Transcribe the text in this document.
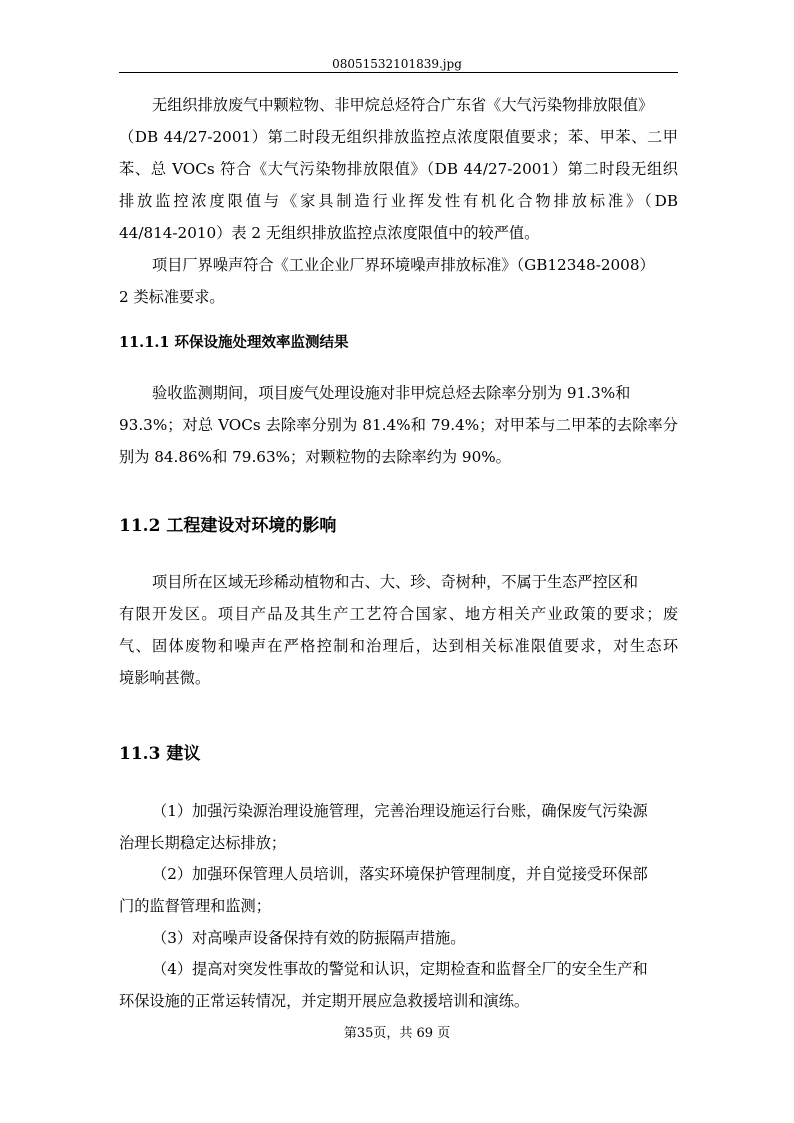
08051532101839.jpg
无组织排放废气中颗粒物、非甲烷总烃符合广东省《大气污染物排放限值》
（DB 44/27-2001）第二时段无组织排放监控点浓度限值要求；苯、甲苯、二甲
苯、总 VOCs 符合《大气污染物排放限值》（DB 44/27-2001）第二时段无组织
排放监控浓度限值与《家具制造行业挥发性有机化合物排放标准》（DB
44/814-2010）表 2 无组织排放监控点浓度限值中的较严值。
项目厂界噪声符合《工业企业厂界环境噪声排放标准》（GB12348-2008）
2 类标准要求。
11.1.1 环保设施处理效率监测结果
验收监测期间，项目废气处理设施对非甲烷总烃去除率分别为 91.3%和
93.3%；对总 VOCs 去除率分别为 81.4%和 79.4%；对甲苯与二甲苯的去除率分
别为 84.86%和 79.63%；对颗粒物的去除率约为 90%。
11.2 工程建设对环境的影响
项目所在区域无珍稀动植物和古、大、珍、奇树种，不属于生态严控区和
有限开发区。项目产品及其生产工艺符合国家、地方相关产业政策的要求；废
气、固体废物和噪声在严格控制和治理后，达到相关标准限值要求，对生态环
境影响甚微。
11.3 建议
（1）加强污染源治理设施管理，完善治理设施运行台账，确保废气污染源
治理长期稳定达标排放；
（2）加强环保管理人员培训，落实环境保护管理制度，并自觉接受环保部
门的监督管理和监测；
（3）对高噪声设备保持有效的防振隔声措施。
（4）提高对突发性事故的警觉和认识，定期检查和监督全厂的安全生产和
环保设施的正常运转情况，并定期开展应急救援培训和演练。
第35页，共 69 页
